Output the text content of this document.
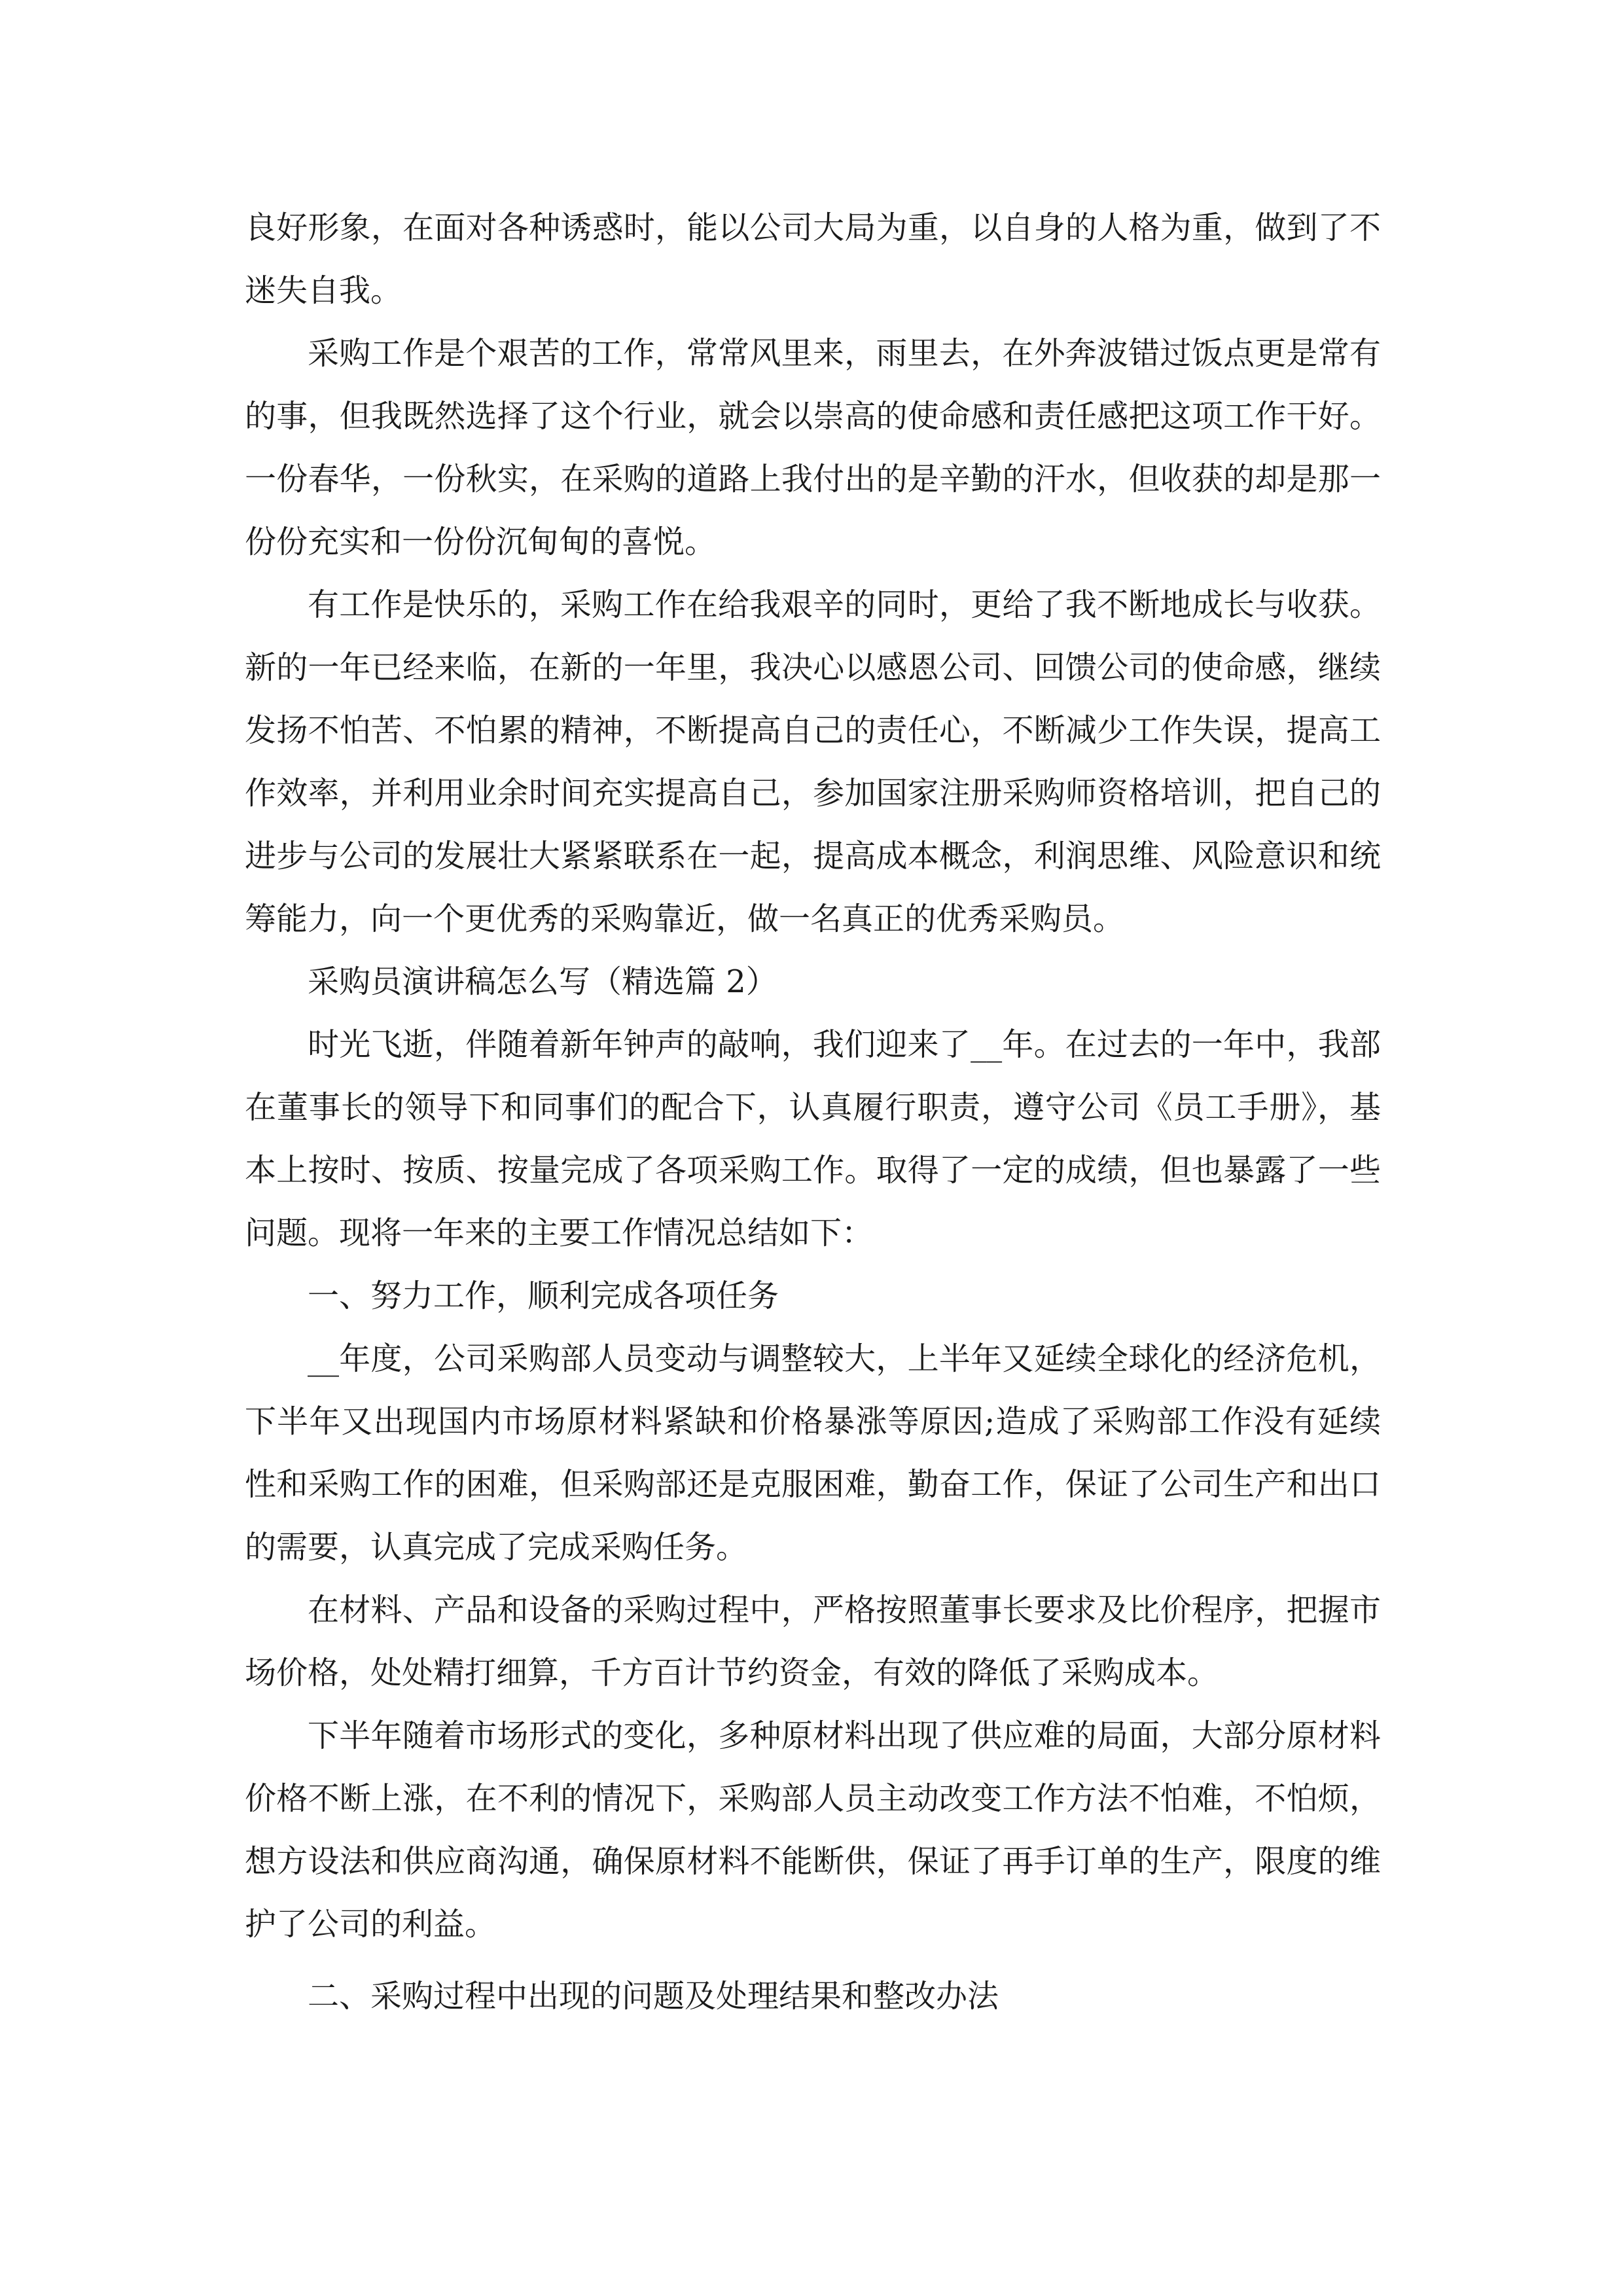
良好形象，在面对各种诱惑时，能以公司大局为重，以自身的人格为重，做到了不迷失自我。

采购工作是个艰苦的工作，常常风里来，雨里去，在外奔波错过饭点更是常有的事，但我既然选择了这个行业，就会以崇高的使命感和责任感把这项工作干好。一份春华，一份秋实，在采购的道路上我付出的是辛勤的汗水，但收获的却是那一份份充实和一份份沉甸甸的喜悦。

有工作是快乐的，采购工作在给我艰辛的同时，更给了我不断地成长与收获。新的一年已经来临，在新的一年里，我决心以感恩公司、回馈公司的使命感，继续发扬不怕苦、不怕累的精神，不断提高自己的责任心，不断减少工作失误，提高工作效率，并利用业余时间充实提高自己，参加国家注册采购师资格培训，把自己的进步与公司的发展壮大紧紧联系在一起，提高成本概念，利润思维、风险意识和统筹能力，向一个更优秀的采购靠近，做一名真正的优秀采购员。

采购员演讲稿怎么写（精选篇 2）

时光飞逝，伴随着新年钟声的敲响，我们迎来了__年。在过去的一年中，我部在董事长的领导下和同事们的配合下，认真履行职责，遵守公司《员工手册》，基本上按时、按质、按量完成了各项采购工作。取得了一定的成绩，但也暴露了一些问题。现将一年来的主要工作情况总结如下：

一、努力工作，顺利完成各项任务

__年度，公司采购部人员变动与调整较大，上半年又延续全球化的经济危机，下半年又出现国内市场原材料紧缺和价格暴涨等原因;造成了采购部工作没有延续性和采购工作的困难，但采购部还是克服困难，勤奋工作，保证了公司生产和出口的需要，认真完成了完成采购任务。

在材料、产品和设备的采购过程中，严格按照董事长要求及比价程序，把握市场价格，处处精打细算，千方百计节约资金，有效的降低了采购成本。

下半年随着市场形式的变化，多种原材料出现了供应难的局面，大部分原材料价格不断上涨，在不利的情况下，采购部人员主动改变工作方法不怕难，不怕烦，想方设法和供应商沟通，确保原材料不能断供，保证了再手订单的生产，限度的维护了公司的利益。

二、采购过程中出现的问题及处理结果和整改办法
